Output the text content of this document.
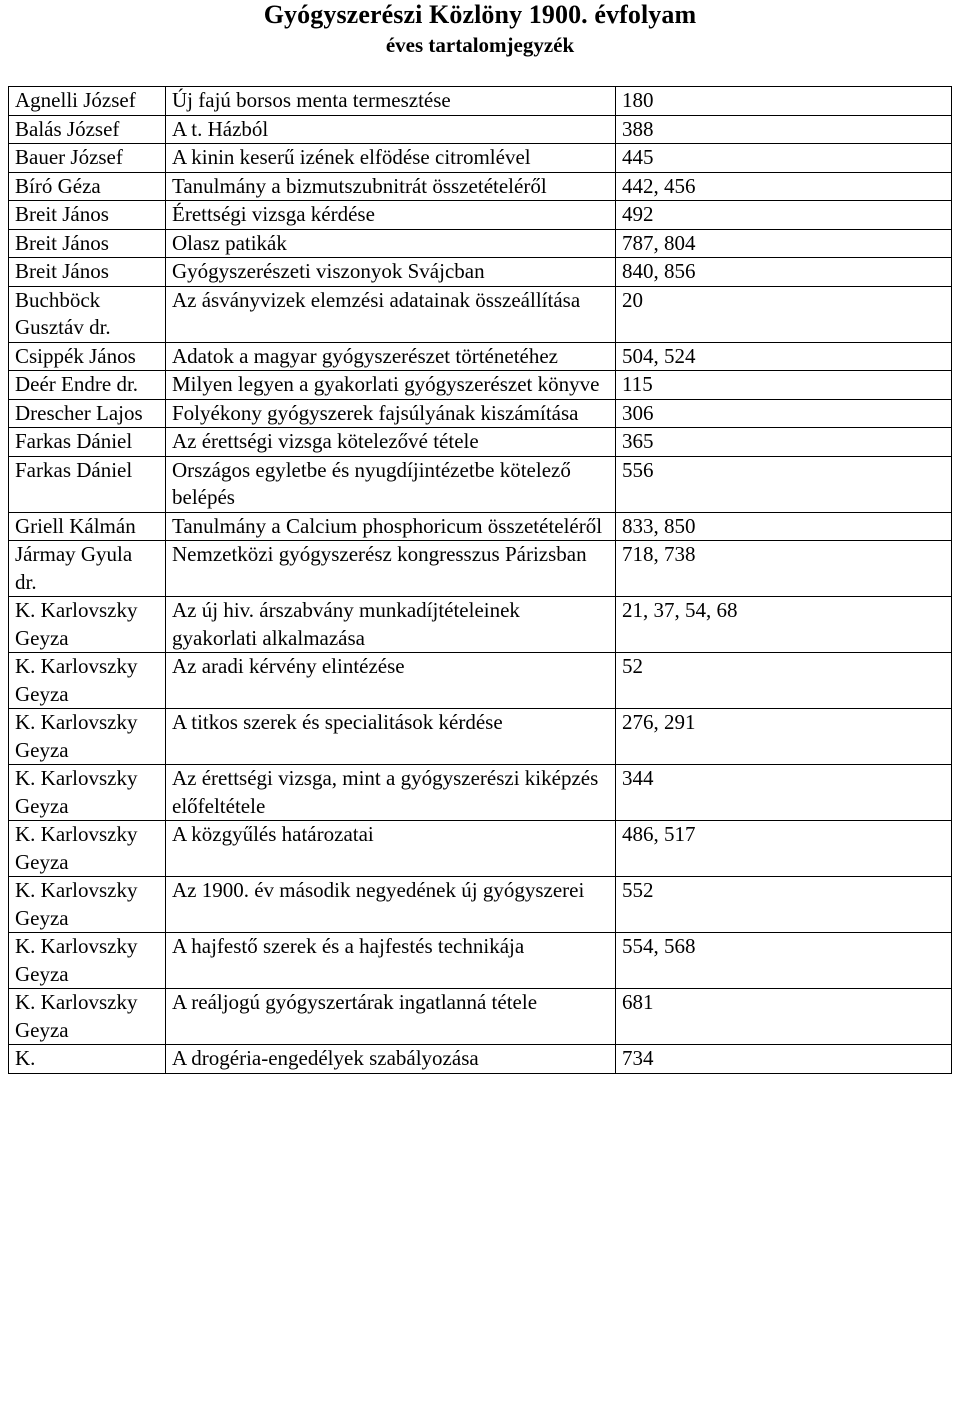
Gyógyszerészi Közlöny 1900. évfolyam
éves tartalomjegyzék
Agnelli József	Új fajú borsos menta termesztése	180
Balás József	A t. Házból	388
Bauer József	A kinin keserű izének elfödése citromlével	445
Bíró Géza	Tanulmány a bizmutszubnitrát összetételéről	442, 456
Breit János	Érettségi vizsga kérdése	492
Breit János	Olasz patikák	787, 804
Breit János	Gyógyszerészeti viszonyok Svájcban	840, 856
Buchböck Gusztáv dr.	Az ásványvizek elemzési adatainak összeállítása	20
Csippék János	Adatok a magyar gyógyszerészet történetéhez	504, 524
Deér Endre dr.	Milyen legyen a gyakorlati gyógyszerészet könyve	115
Drescher Lajos	Folyékony gyógyszerek fajsúlyának kiszámítása	306
Farkas Dániel	Az érettségi vizsga kötelezővé tétele	365
Farkas Dániel	Országos egyletbe és nyugdíjintézetbe kötelező belépés	556
Griell Kálmán	Tanulmány a Calcium phosphoricum összetételéről	833, 850
Jármay Gyula dr.	Nemzetközi gyógyszerész kongresszus Párizsban	718, 738
K. Karlovszky Geyza	Az új hiv. árszabvány munkadíjtételeinek gyakorlati alkalmazása	21, 37, 54, 68
K. Karlovszky Geyza	Az aradi kérvény elintézése	52
K. Karlovszky Geyza	A titkos szerek és specialitások kérdése	276, 291
K. Karlovszky Geyza	Az érettségi vizsga, mint a gyógyszerészi kiképzés előfeltétele	344
K. Karlovszky Geyza	A közgyűlés határozatai	486, 517
K. Karlovszky Geyza	Az 1900. év második negyedének új gyógyszerei	552
K. Karlovszky Geyza	A hajfestő szerek és a hajfestés technikája	554, 568
K. Karlovszky Geyza	A reáljogú gyógyszertárak ingatlanná tétele	681
K.	A drogéria-engedélyek szabályozása	734
